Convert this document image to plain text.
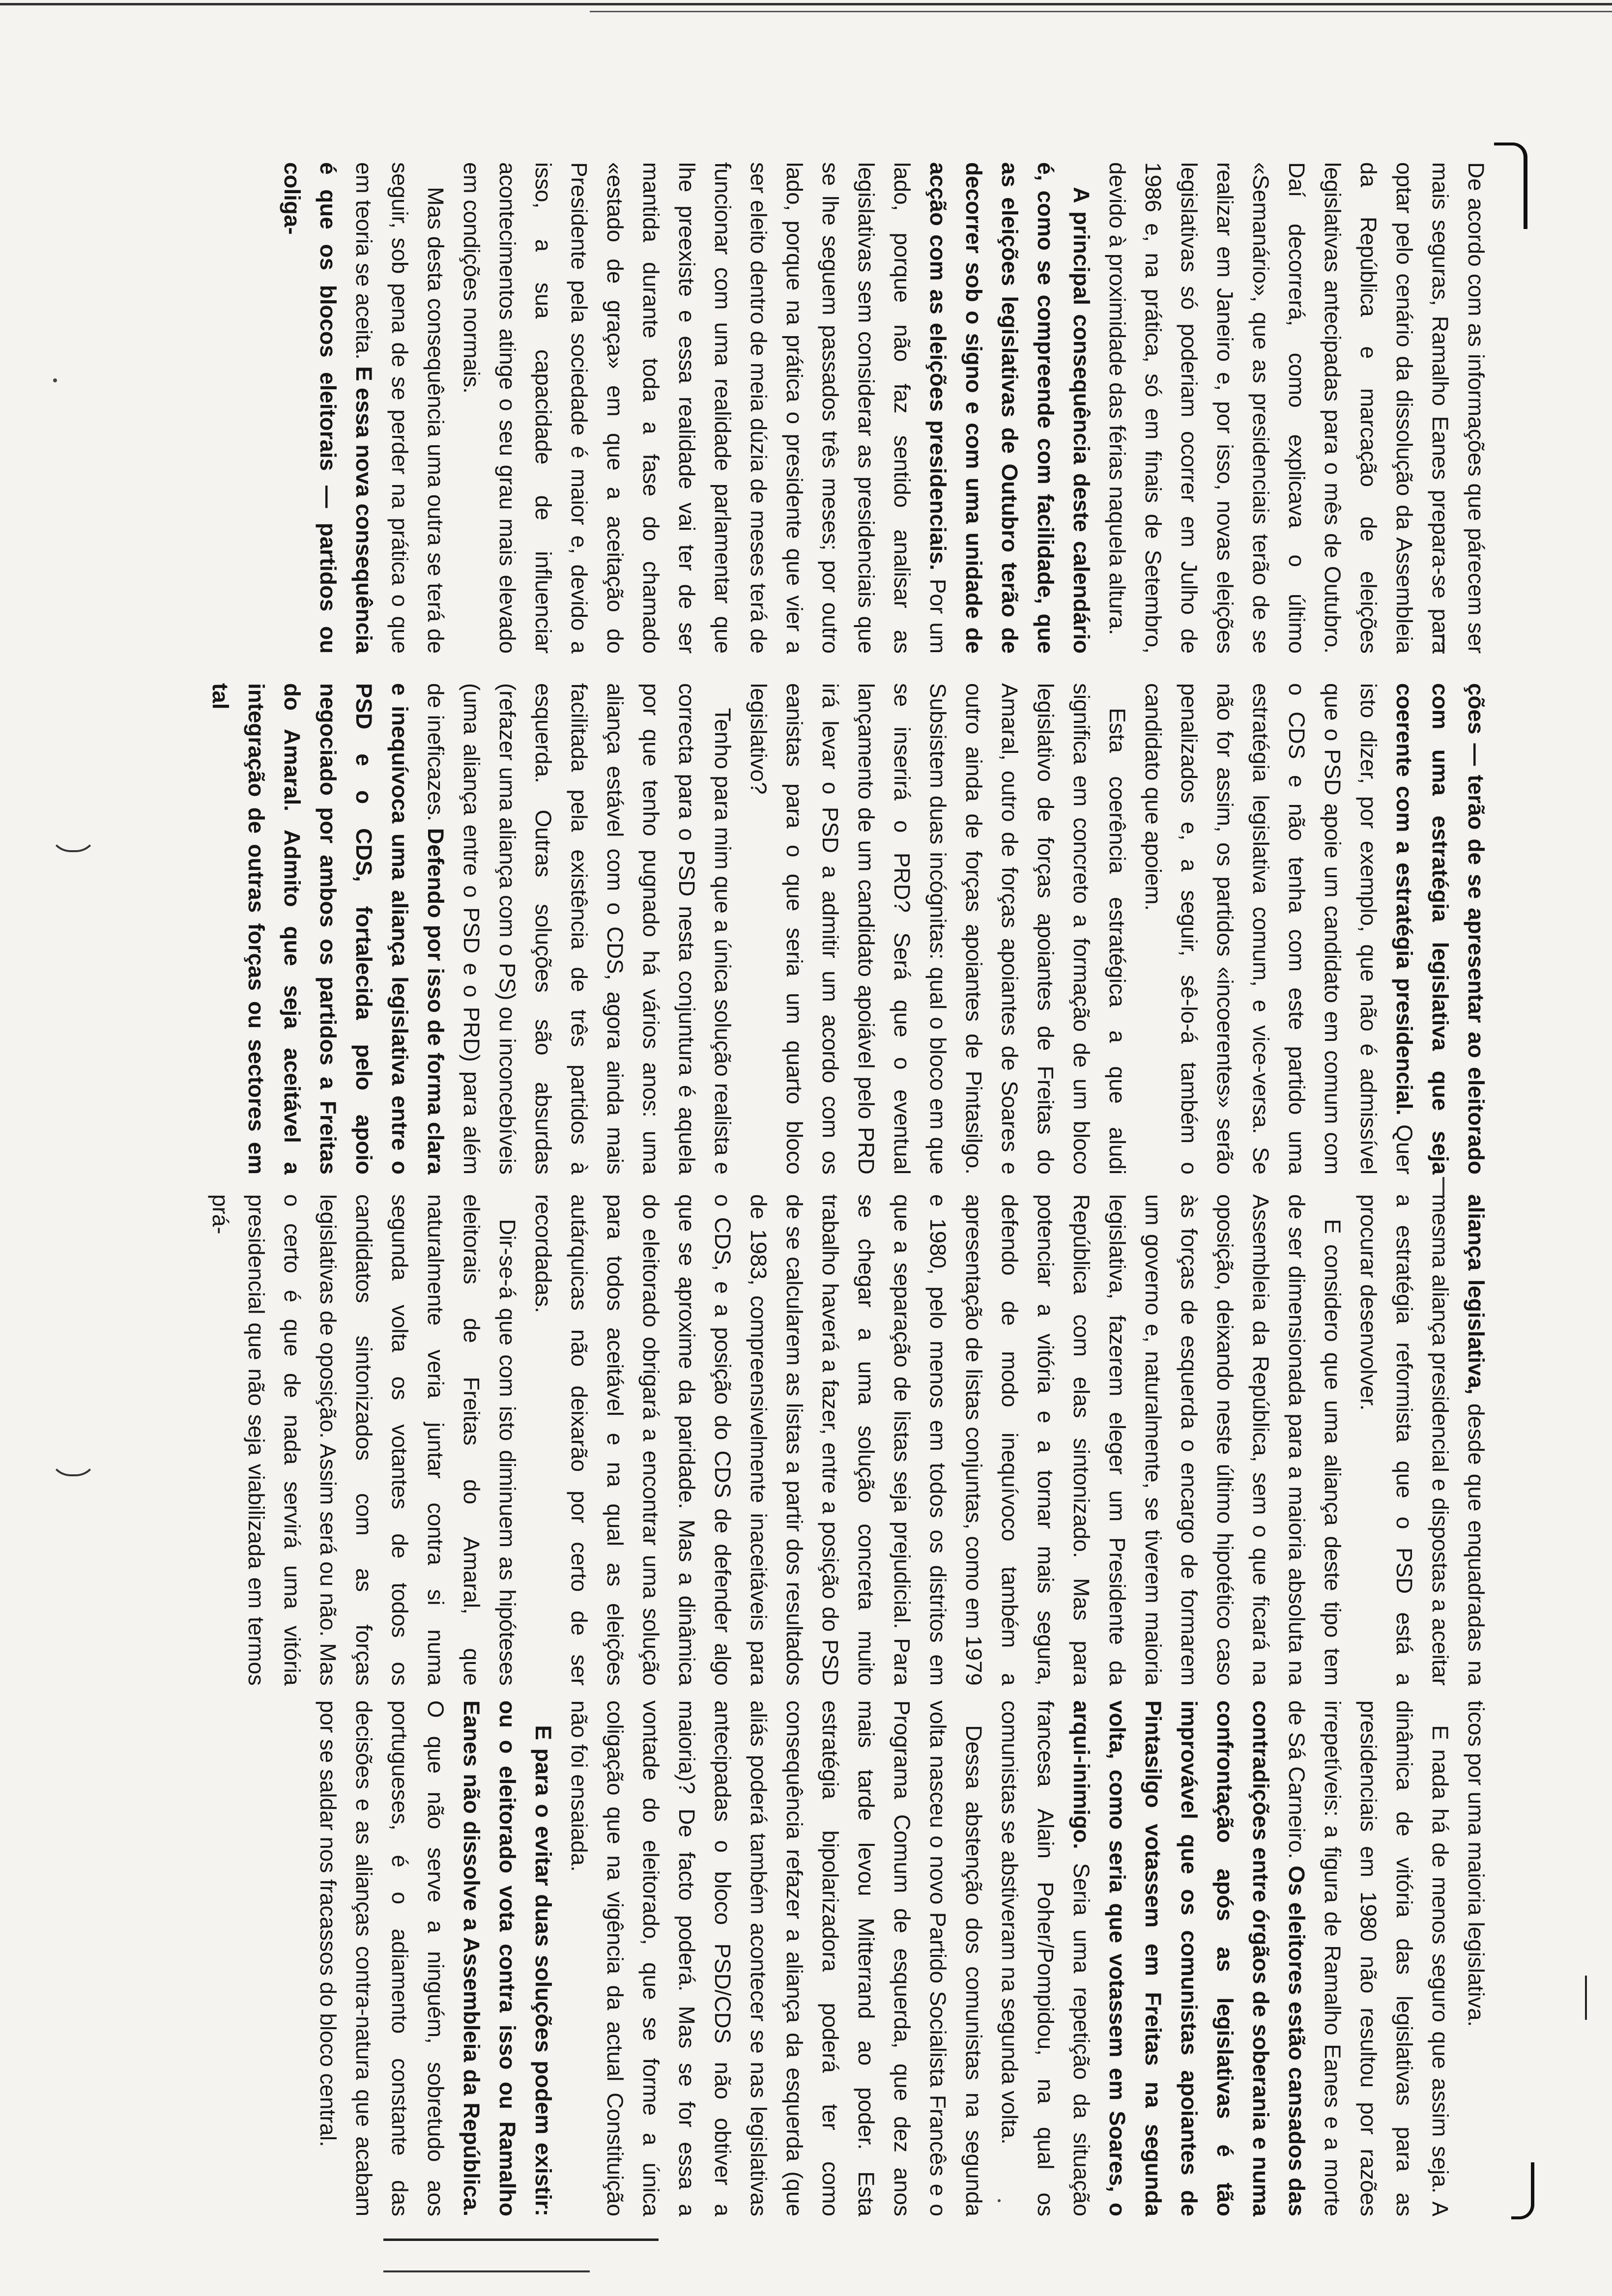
De acordo com as informações que párecem ser mais seguras, Ramalho Eanes prepara-se para optar pelo cenário da dissolução da Assembleia da República e marcação de eleições legislativas antecipadas para o mês de Outubro. Daí decorrerá, como explicava o último «Semanário», que as presidenciais terão de se realizar em Janeiro e, por isso, novas eleições legislativas só poderiam ocorrer em Julho de 1986 e, na prática, só em finais de Setembro, devido à proximidade das férias naquela altura.

A principal consequência deste calendário é, como se compreende com facilidade, que as eleições legislativas de Outubro terão de decorrer sob o signo e com uma unidade de acção com as eleições presidenciais. Por um lado, porque não faz sentido analisar as legislativas sem considerar as presidenciais que se lhe seguem passados três meses; por outro lado, porque na prática o presidente que vier a ser eleito dentro de meia dúzia de meses terá de funcionar com uma realidade parlamentar que lhe preexiste e essa realidade vai ter de ser mantida durante toda a fase do chamado «estado de graça» em que a aceitação do Presidente pela sociedade é maior e, devido a isso, a sua capacidade de influenciar acontecimentos atinge o seu grau mais elevado em condições normais.

Mas desta consequência uma outra se terá de seguir, sob pena de se perder na prática o que em teoria se aceita. E essa nova consequência é que os blocos eleitorais — partidos ou coliga-

ções — terão de se apresentar ao eleitorado com uma estratégia legislativa que seja coerente com a estratégia presidencial. Quer isto dizer, por exemplo, que não é admissível que o PSD apoie um candidato em comum com o CDS e não tenha com este partido uma estratégia legislativa comum, e vice-versa. Se não for assim, os partidos «incoerentes» serão penalizados e, a seguir, sê-lo-á também o candidato que apoiem.

Esta coerência estratégica a que aludi significa em concreto a formação de um bloco legislativo de forças apoiantes de Freitas do Amaral, outro de forças apoiantes de Soares e outro ainda de forças apoiantes de Pintasilgo. Subsistem duas incógnitas: qual o bloco em que se inserirá o PRD? Será que o eventual lançamento de um candidato apoiável pelo PRD irá levar o PSD a admitir um acordo com os eanistas para o que seria um quarto bloco legislativo?

Tenho para mim que a única solução realista e correcta para o PSD nesta conjuntura é aquela por que tenho pugnado há vários anos: uma aliança estável com o CDS, agora ainda mais facilitada pela existência de três partidos à esquerda. Outras soluções são absurdas (refazer uma aliança com o PS) ou inconcebíveis (uma aliança entre o PSD e o PRD) para além de ineficazes. Defendo por isso de forma clara e inequívoca uma aliança legislativa entre o PSD e o CDS, fortalecida pelo apoio negociado por ambos os partidos a Freitas do Amaral. Admito que seja aceitável a integração de outras forças ou sectores em tal

aliança legislativa, desde que enquadradas na mesma aliança presidencial e dispostas a aceitar a estratégia reformista que o PSD está a procurar desenvolver.

E considero que uma aliança deste tipo tem de ser dimensionada para a maioria absoluta na Assembleia da República, sem o que ficará na oposição, deixando neste último hipotético caso às forças de esquerda o encargo de formarem um governo e, naturalmente, se tiverem maioria legislativa, fazerem eleger um Presidente da República com elas sintonizado. Mas para potenciar a vitória e a tornar mais segura, defendo de modo inequívoco também a apresentação de listas conjuntas, como em 1979 e 1980, pelo menos em todos os distritos em que a separação de listas seja prejudicial. Para se chegar a uma solução concreta muito trabalho haverá a fazer, entre a posição do PSD de se calcularem as listas a partir dos resultados de 1983, compreensivelmente inaceitáveis para o CDS, e a posição do CDS de defender algo que se aproxime da paridade. Mas a dinâmica do eleitorado obrigará a encontrar uma solução para todos aceitável e na qual as eleições autárquicas não deixarão por certo de ser recordadas.

Dir-se-á que com isto diminuem as hipóteses eleitorais de Freitas do Amaral, que naturalmente veria juntar contra si numa segunda volta os votantes de todos os candidatos sintonizados com as forças legislativas de oposição. Assim será ou não. Mas o certo é que de nada servirá uma vitória presidencial que não seja viabilizada em termos prá-

ticos por uma maioria legislativa.

E nada há de menos seguro que assim seja. A dinâmica de vitória das legislativas para as presidenciais em 1980 não resultou por razões irrepetíveis: a figura de Ramalho Eanes e a morte de Sá Carneiro. Os eleitores estão cansados das contradições entre órgãos de soberania e numa confrontação após as legislativas é tão improvável que os comunistas apoiantes de Pintasilgo votassem em Freitas na segunda volta, como seria que votassem em Soares, o arqui-inimigo. Seria uma repetição da situação francesa Alain Poher/Pompidou, na qual os comunistas se abstiveram na segunda volta.

Dessa abstenção dos comunistas na segunda volta nasceu o novo Partido Socialista Francês e o Programa Comum de esquerda, que dez anos mais tarde levou Mitterrand ao poder. Esta estratégia bipolarizadora poderá ter como consequência refazer a aliança da esquerda (que aliás poderá também acontecer se nas legislativas antecipadas o bloco PSD/CDS não obtiver a maioria)? De facto poderá. Mas se for essa a vontade do eleitorado, que se forme a única coligação que na vigência da actual Constituição não foi ensaiada.

E para o evitar duas soluções podem existir: ou o eleitorado vota contra isso ou Ramalho Eanes não dissolve a Assembleia da República. O que não serve a ninguém, sobretudo aos portugueses, é o adiamento constante das decisões e as alianças contra-natura que acabam por se saldar nos fracassos do bloco central.
